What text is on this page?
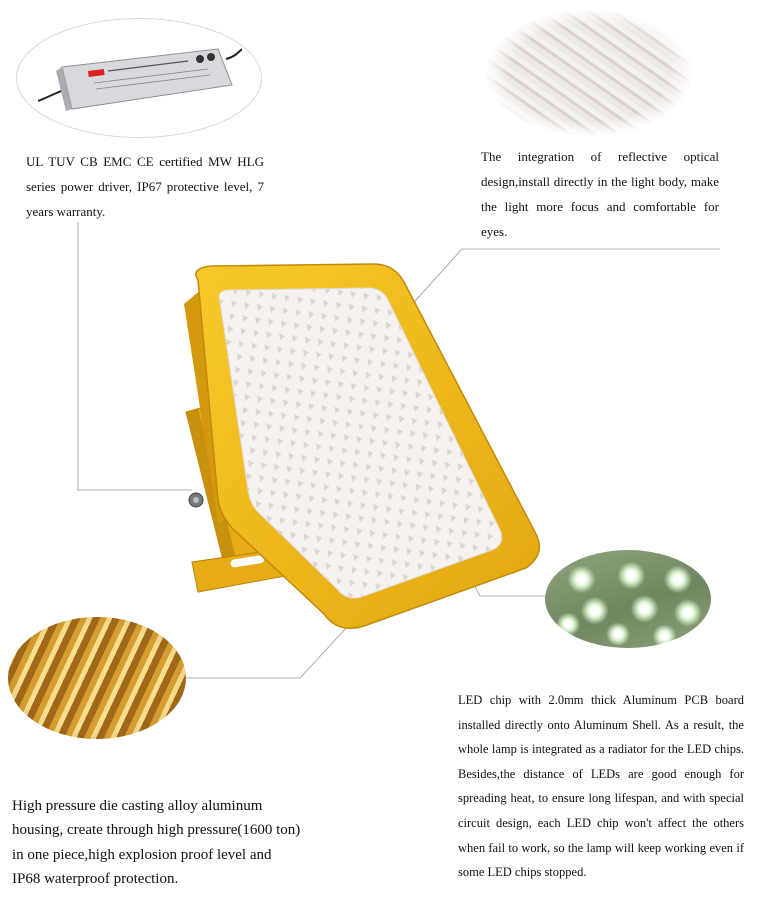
UL TUV CB EMC CE certified MW HLG series power driver, IP67 protective level, 7 years warranty.

The integration of reflective optical design,install directly in the light body, make the light more focus and comfortable for eyes.

LED chip with 2.0mm thick Aluminum PCB board installed directly onto Aluminum Shell. As a result, the whole lamp is integrated as a radiator for the LED chips. Besides,the distance of LEDs are good enough for spreading heat, to ensure long lifespan, and with special circuit design, each LED chip won't affect the others when fail to work, so the lamp will keep working even if some LED chips stopped.

High pressure die casting alloy aluminum housing, create through high pressure(1600 ton) in one piece,high explosion proof level and IP68 waterproof protection.
